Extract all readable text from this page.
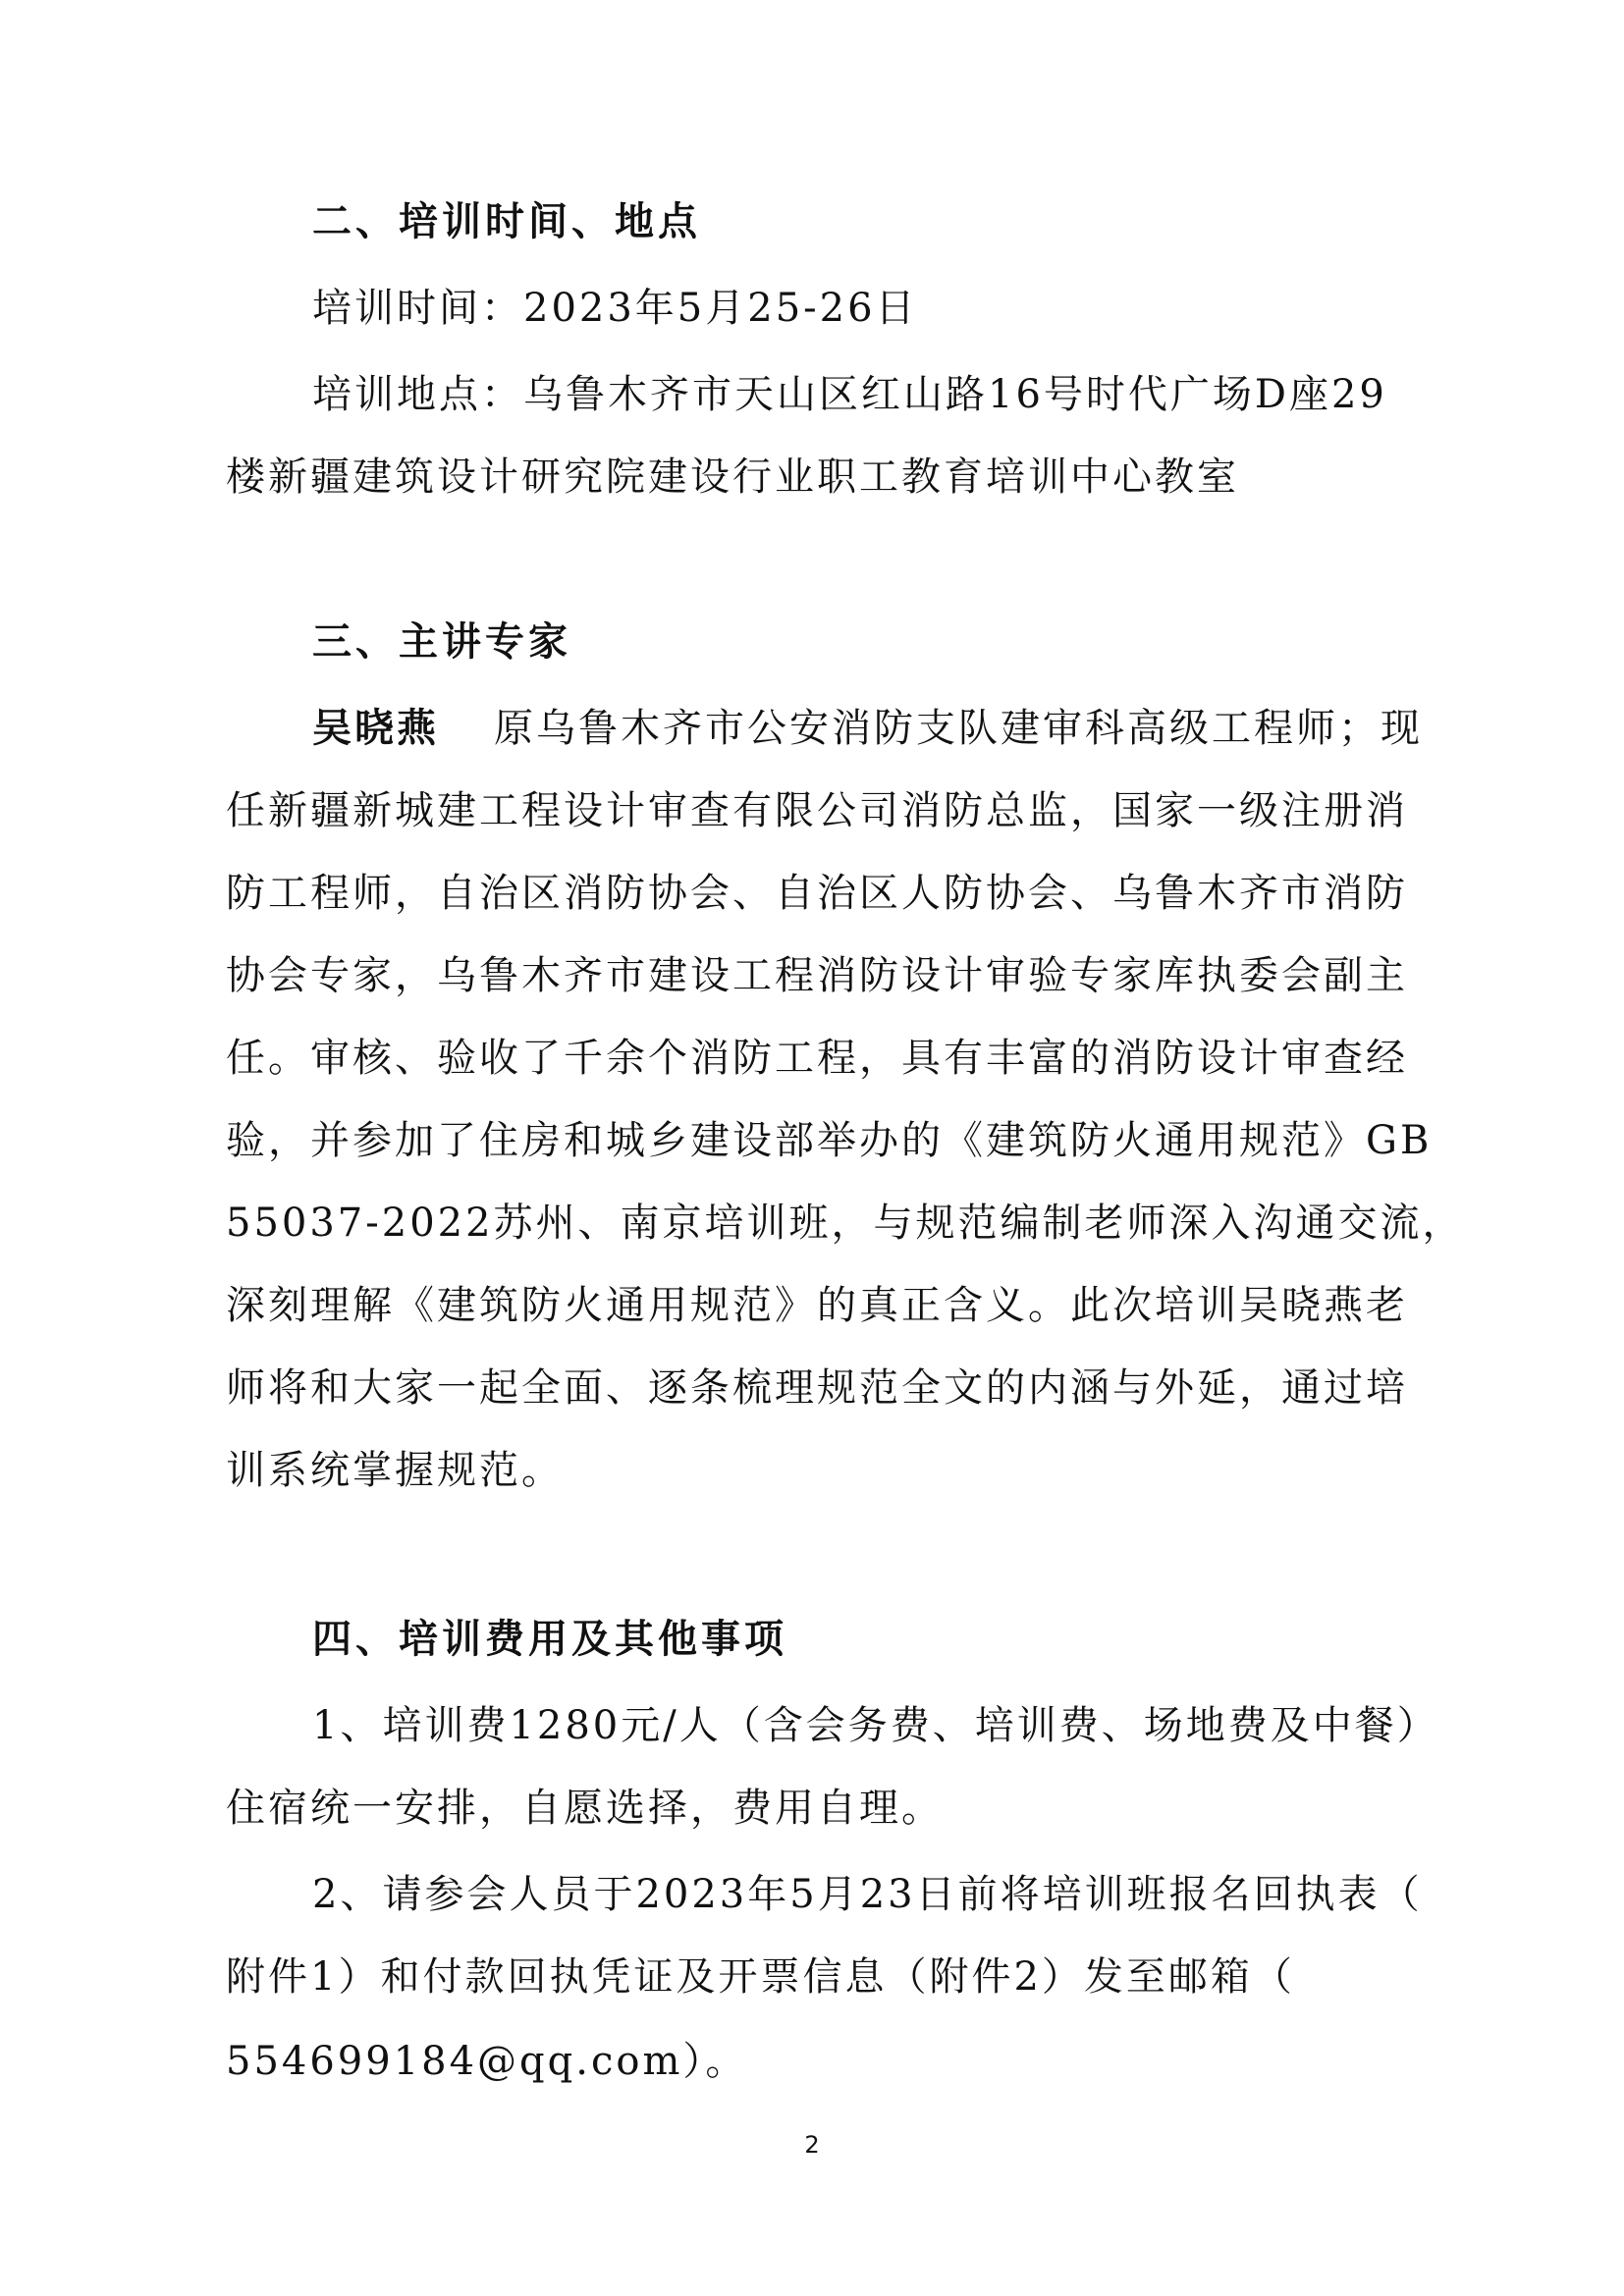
二、培训时间、地点
培训时间：2023年5月25-26日
培训地点：乌鲁木齐市天山区红山路16号时代广场D座29
楼新疆建筑设计研究院建设行业职工教育培训中心教室
三、主讲专家
吴晓燕 原乌鲁木齐市公安消防支队建审科高级工程师；现
任新疆新城建工程设计审查有限公司消防总监，国家一级注册消
防工程师，自治区消防协会、自治区人防协会、乌鲁木齐市消防
协会专家，乌鲁木齐市建设工程消防设计审验专家库执委会副主
任。审核、验收了千余个消防工程，具有丰富的消防设计审查经
验，并参加了住房和城乡建设部举办的《建筑防火通用规范》GB
55037-2022苏州、南京培训班，与规范编制老师深入沟通交流，
深刻理解《建筑防火通用规范》的真正含义。此次培训吴晓燕老
师将和大家一起全面、逐条梳理规范全文的内涵与外延，通过培
训系统掌握规范。
四、培训费用及其他事项
1、培训费1280元/人（含会务费、培训费、场地费及中餐）
住宿统一安排，自愿选择，费用自理。
2、请参会人员于2023年5月23日前将培训班报名回执表（
附件1）和付款回执凭证及开票信息（附件2）发至邮箱（
554699184@qq.com）。
2
